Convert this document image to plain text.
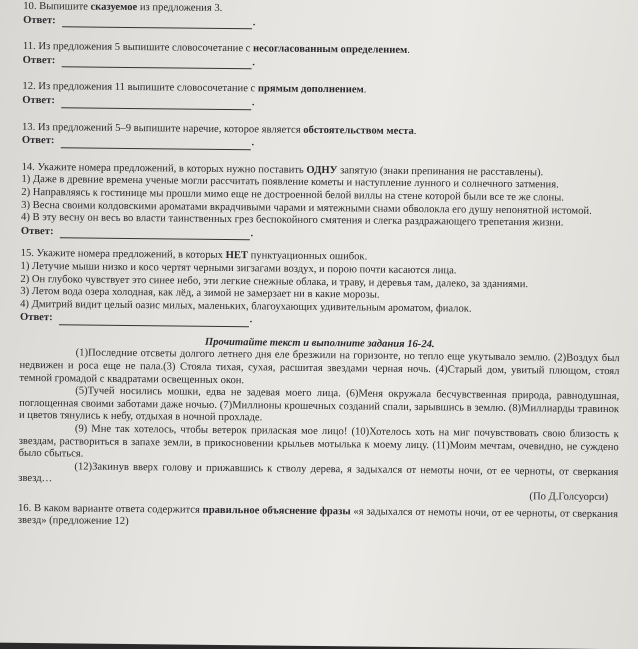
10. Выпишите сказуемое из предложения 3.
Ответ:	.
11. Из предложения 5 выпишите словосочетание с несогласованным определением.
Ответ:	.
12. Из предложения 11 выпишите словосочетание с прямым дополнением.
Ответ:	.
13. Из предложений 5–9 выпишите наречие, которое является обстоятельством места.
Ответ:	.
14. Укажите номера предложений, в которых нужно поставить ОДНУ запятую (знаки препинания не расставлены).
1) Даже в древние времена ученые могли рассчитать появление кометы и наступление лунного и солнечного затмения.
2) Направляясь к гостинице мы прошли мимо еще не достроенной белой виллы на стене которой были все те же слоны.
3) Весна своими колдовскими ароматами вкрадчивыми чарами и мятежными снами обволокла его душу непонятной истомой.
4) В эту весну он весь во власти таинственных грез беспокойного смятения и слегка раздражающего трепетания жизни.
Ответ:	.
15. Укажите номера предложений, в которых НЕТ пунктуационных ошибок.
1) Летучие мыши низко и косо чертят черными зигзагами воздух, и порою почти касаются лица.
2) Он глубоко чувствует это синее небо, эти легкие снежные облака, и траву, и деревья там, далеко, за зданиями.
3) Летом вода озера холодная, как лёд, а зимой не замерзает ни в какие морозы.
4) Дмитрий видит целый оазис милых, маленьких, благоухающих удивительным ароматом, фиалок.
Ответ:	.
Прочитайте текст и выполните задания 16-24.
(1)Последние отсветы долгого летнего дня еле брезжили на горизонте, но тепло еще укутывало землю. (2)Воздух был недвижен и роса еще не пала.(3) Стояла тихая, сухая, расшитая звездами черная ночь. (4)Старый дом, увитый плющом, стоял темной громадой с квадратами освещенных окон.
(5)Тучей носились мошки, едва не задевая моего лица. (6)Меня окружала бесчувственная природа, равнодушная, поглощенная своими заботами даже ночью. (7)Миллионы крошечных созданий спали, зарывшись в землю. (8)Миллиарды травинок и цветов тянулись к небу, отдыхая в ночной прохладе.
(9) Мне так хотелось, чтобы ветерок прилаская мое лицо! (10)Хотелось хоть на миг почувствовать свою близость к звездам, раствориться в запахе земли, в прикосновении крыльев мотылька к моему лицу. (11)Моим мечтам, очевидно, не суждено было сбыться.
(12)Закинув вверх голову и прижавшись к стволу дерева, я задыхался от немоты ночи, от ее черноты, от сверкания звезд…
(По Д.Голсуорси)
16. В каком варианте ответа содержится правильное объяснение фразы «я задыхался от немоты ночи, от ее черноты, от сверкания звезд» (предложение 12)
